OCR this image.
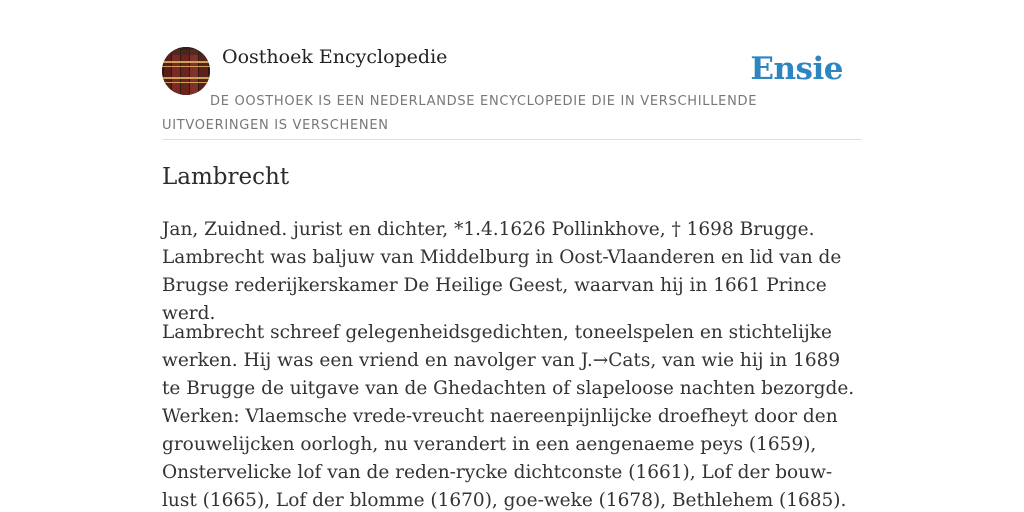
Oosthoek Encyclopedie	Ensie
DE OOSTHOEK IS EEN NEDERLANDSE ENCYCLOPEDIE DIE IN VERSCHILLENDE UITVOERINGEN IS VERSCHENEN
Lambrecht

Jan, Zuidned. jurist en dichter, *1.4.1626 Pollinkhove, † 1698 Brugge. Lambrecht was baljuw van Middelburg in Oost-Vlaanderen en lid van de Brugse rederijkerskamer De Heilige Geest, waarvan hij in 1661 Prince werd.

Lambrecht schreef gelegenheidsgedichten, toneelspelen en stichtelijke werken. Hij was een vriend en navolger van J.→Cats, van wie hij in 1689 te Brugge de uitgave van de Ghedachten of slapeloose nachten bezorgde. Werken: Vlaemsche vrede-vreucht naereenpijnlijcke droefheyt door den grouwelijcken oorlogh, nu verandert in een aengenaeme peys (1659), Onstervelicke lof van de reden-rycke dichtconste (1661), Lof der bouw-lust (1665), Lof der blomme (1670), goe-weke (1678), Bethlehem (1685).
